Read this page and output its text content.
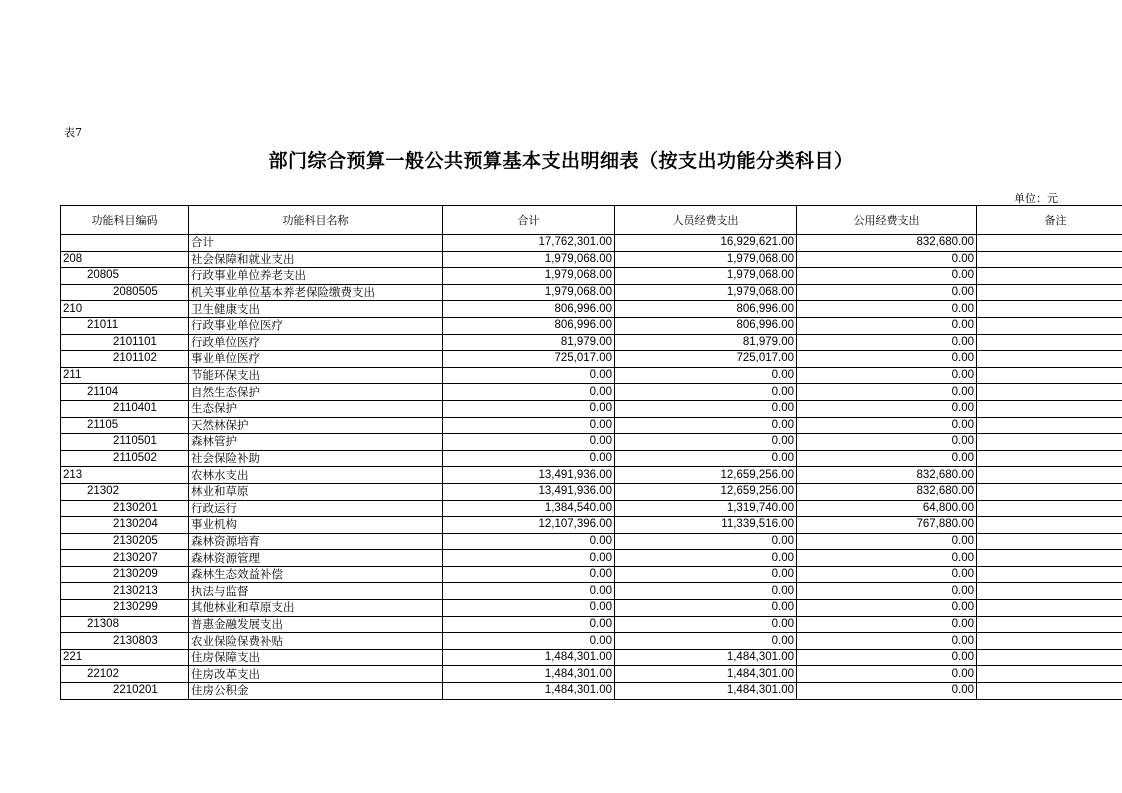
表7
部门综合预算一般公共预算基本支出明细表（按支出功能分类科目）
单位：元
功能科目编码	功能科目名称	合计	人员经费支出	公用经费支出	备注
	合计	17,762,301.00	16,929,621.00	832,680.00	
208	社会保障和就业支出	1,979,068.00	1,979,068.00	0.00	
20805	行政事业单位养老支出	1,979,068.00	1,979,068.00	0.00	
2080505	机关事业单位基本养老保险缴费支出	1,979,068.00	1,979,068.00	0.00	
210	卫生健康支出	806,996.00	806,996.00	0.00	
21011	行政事业单位医疗	806,996.00	806,996.00	0.00	
2101101	行政单位医疗	81,979.00	81,979.00	0.00	
2101102	事业单位医疗	725,017.00	725,017.00	0.00	
211	节能环保支出	0.00	0.00	0.00	
21104	自然生态保护	0.00	0.00	0.00	
2110401	生态保护	0.00	0.00	0.00	
21105	天然林保护	0.00	0.00	0.00	
2110501	森林管护	0.00	0.00	0.00	
2110502	社会保险补助	0.00	0.00	0.00	
213	农林水支出	13,491,936.00	12,659,256.00	832,680.00	
21302	林业和草原	13,491,936.00	12,659,256.00	832,680.00	
2130201	行政运行	1,384,540.00	1,319,740.00	64,800.00	
2130204	事业机构	12,107,396.00	11,339,516.00	767,880.00	
2130205	森林资源培育	0.00	0.00	0.00	
2130207	森林资源管理	0.00	0.00	0.00	
2130209	森林生态效益补偿	0.00	0.00	0.00	
2130213	执法与监督	0.00	0.00	0.00	
2130299	其他林业和草原支出	0.00	0.00	0.00	
21308	普惠金融发展支出	0.00	0.00	0.00	
2130803	农业保险保费补贴	0.00	0.00	0.00	
221	住房保障支出	1,484,301.00	1,484,301.00	0.00	
22102	住房改革支出	1,484,301.00	1,484,301.00	0.00	
2210201	住房公积金	1,484,301.00	1,484,301.00	0.00	
